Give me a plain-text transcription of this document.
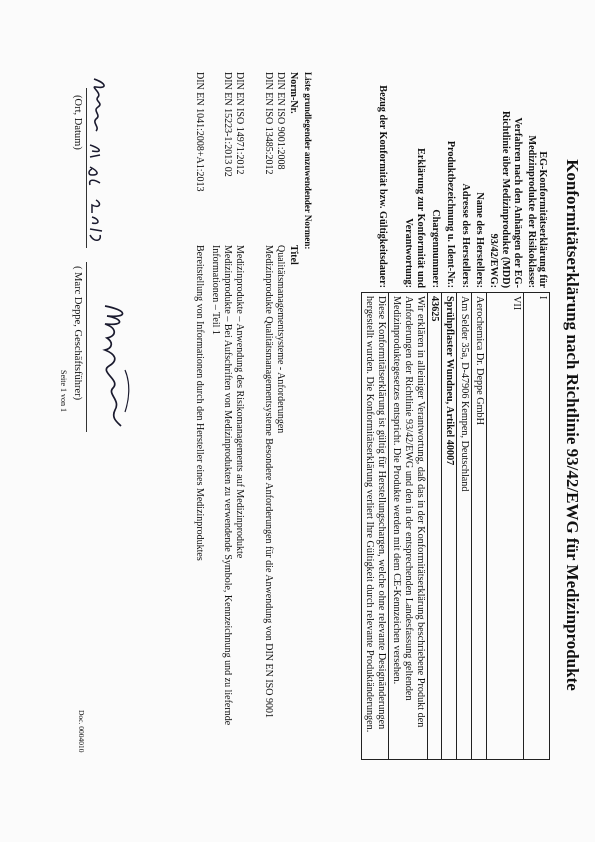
Konformitätserklärung nach Richtlinie 93/42/EWG für Medizinprodukte
Doc. 0004010
EG-Konformitätserklärung für Medizinprodukte der Risikoklasse:	I
Verfahren nach den Anhängen der EG-Richtlinie über Medizinprodukte (MDD) 93/42/EWG:	VII
Name des Herstellers:	Aerochemica Dr. Deppe GmbH
Adresse des Herstellers:	Am Selder 35a, D-47906 Kempen, Deutschland
Produktbezeichnung u. Ident-Nr.:	Sprühpflaster Wundneu, Artikel 40007
Chargennummer:	43625
Erklärung zur Konformität und Verantwortung:	Wir erklären in alleiniger Verantwortung, daß das in der Konformitätserklärung beschriebene Produkt den Anforderungen der Richtlinie 93/42/EWG und den in der entsprechenden Landesfassung geltenden Medizinproduktegesetzes entspricht. Die Produkte werden mit dem CE-Kennzeichen versehen.
Bezug der Konformität bzw. Gültigkeitsdauer:	Diese Konformitätserklärung ist gültig für Herstellungschargen, welche ohne relevante Designänderungen hergestellt wurden. Die Konformitätserklärung verliert Ihre Gültigkeit durch relevante Produktänderungen.
Liste grundlegender anzuwendender Normen:
Norm-Nr.
Titel
DIN EN ISO 9001:2008
Qualitätsmanagementsysteme - Anforderungen
DIN EN ISO 13485:2012
Medizinprodukte Qualitätsmanagementsysteme Besondere Anforderungen für die Anwendung von DIN EN ISO 9001
DIN EN ISO 14971:2012
Medizinprodukte – Anwendung des Risikomanagements auf Medizinprodukte
DIN EN 15223-1:2013 02
Medizinprodukte – Bei Aufschriften von Medizinprodukten zu verwendende Symbole, Kennzeichnung und zu liefernde Informationen – Teil 1
DIN EN 1041:2008+A1:2013
Bereitstellung von Informationen durch den Hersteller eines Medizinproduktes
(Ort, Datum)
( Marc Deppe, Geschäftsführer)
Seite 1 von 1
